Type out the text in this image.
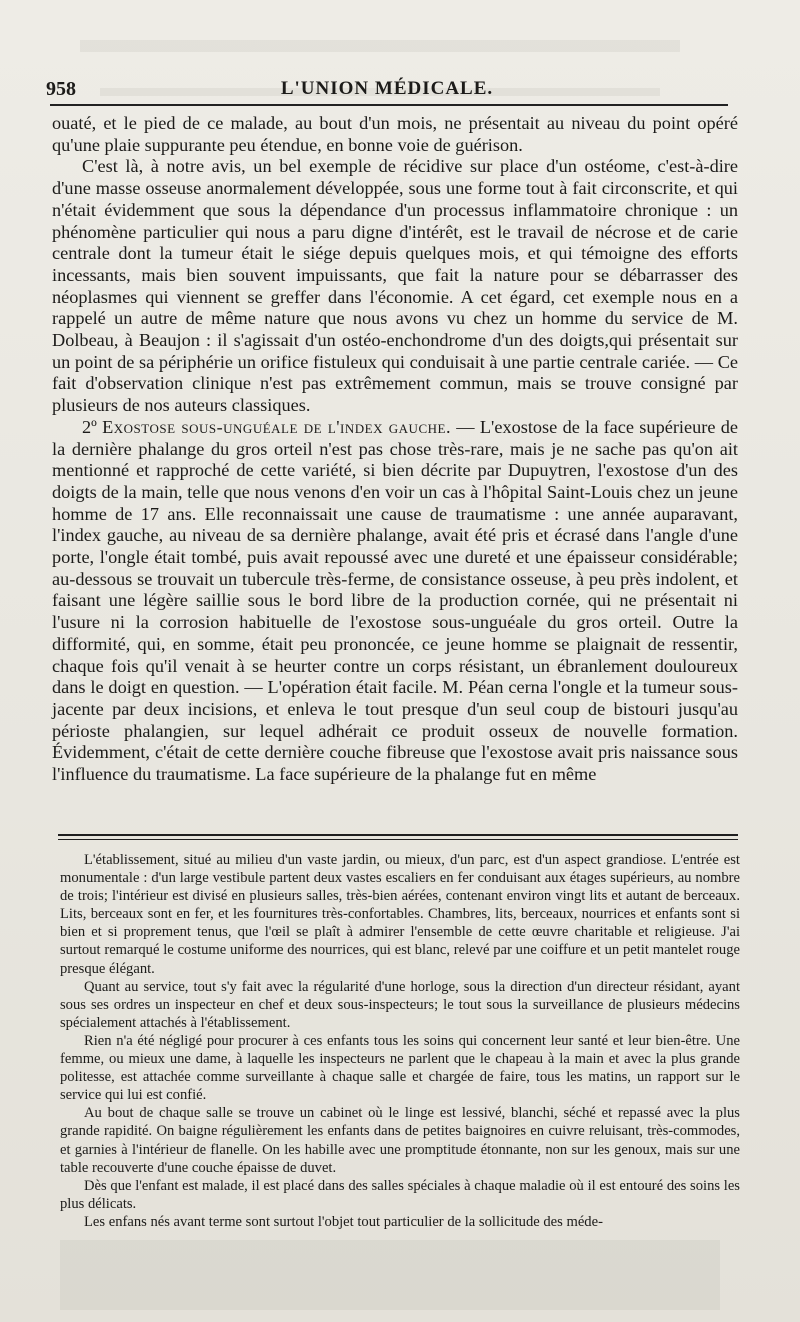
958	L'UNION MÉDICALE.

ouaté, et le pied de ce malade, au bout d'un mois, ne présentait au niveau du point opéré qu'une plaie suppurante peu étendue, en bonne voie de guérison.

C'est là, à notre avis, un bel exemple de récidive sur place d'un ostéome, c'est-à-dire d'une masse osseuse anormalement développée, sous une forme tout à fait circonscrite, et qui n'était évidemment que sous la dépendance d'un processus inflammatoire chronique : un phénomène particulier qui nous a paru digne d'intérêt, est le travail de nécrose et de carie centrale dont la tumeur était le siége depuis quelques mois, et qui témoigne des efforts incessants, mais bien souvent impuissants, que fait la nature pour se débarrasser des néoplasmes qui viennent se greffer dans l'économie. A cet égard, cet exemple nous en a rappelé un autre de même nature que nous avons vu chez un homme du service de M. Dolbeau, à Beaujon : il s'agissait d'un ostéo-enchondrome d'un des doigts,qui présentait sur un point de sa périphérie un orifice fistuleux qui conduisait à une partie centrale cariée. — Ce fait d'observation clinique n'est pas extrêmement commun, mais se trouve consigné par plusieurs de nos auteurs classiques.

2º Exostose sous-unguéale de l'index gauche. — L'exostose de la face supérieure de la dernière phalange du gros orteil n'est pas chose très-rare, mais je ne sache pas qu'on ait mentionné et rapproché de cette variété, si bien décrite par Dupuytren, l'exostose d'un des doigts de la main, telle que nous venons d'en voir un cas à l'hôpital Saint-Louis chez un jeune homme de 17 ans. Elle reconnaissait une cause de traumatisme : une année auparavant, l'index gauche, au niveau de sa dernière phalange, avait été pris et écrasé dans l'angle d'une porte, l'ongle était tombé, puis avait repoussé avec une dureté et une épaisseur considérable; au-dessous se trouvait un tubercule très-ferme, de consistance osseuse, à peu près indolent, et faisant une légère saillie sous le bord libre de la production cornée, qui ne présentait ni l'usure ni la corrosion habituelle de l'exostose sous-unguéale du gros orteil. Outre la difformité, qui, en somme, était peu prononcée, ce jeune homme se plaignait de ressentir, chaque fois qu'il venait à se heurter contre un corps résistant, un ébranlement douloureux dans le doigt en question. — L'opération était facile. M. Péan cerna l'ongle et la tumeur sous-jacente par deux incisions, et enleva le tout presque d'un seul coup de bistouri jusqu'au périoste phalangien, sur lequel adhérait ce produit osseux de nouvelle formation. Évidemment, c'était de cette dernière couche fibreuse que l'exostose avait pris naissance sous l'influence du traumatisme. La face supérieure de la phalange fut en même

L'établissement, situé au milieu d'un vaste jardin, ou mieux, d'un parc, est d'un aspect grandiose. L'entrée est monumentale : d'un large vestibule partent deux vastes escaliers en fer conduisant aux étages supérieurs, au nombre de trois; l'intérieur est divisé en plusieurs salles, très-bien aérées, contenant environ vingt lits et autant de berceaux. Lits, berceaux sont en fer, et les fournitures très-confortables. Chambres, lits, berceaux, nourrices et enfants sont si bien et si proprement tenus, que l'œil se plaît à admirer l'ensemble de cette œuvre charitable et religieuse. J'ai surtout remarqué le costume uniforme des nourrices, qui est blanc, relevé par une coiffure et un petit mantelet rouge presque élégant.

Quant au service, tout s'y fait avec la régularité d'une horloge, sous la direction d'un directeur résidant, ayant sous ses ordres un inspecteur en chef et deux sous-inspecteurs; le tout sous la surveillance de plusieurs médecins spécialement attachés à l'établissement.

Rien n'a été négligé pour procurer à ces enfants tous les soins qui concernent leur santé et leur bien-être. Une femme, ou mieux une dame, à laquelle les inspecteurs ne parlent que le chapeau à la main et avec la plus grande politesse, est attachée comme surveillante à chaque salle et chargée de faire, tous les matins, un rapport sur le service qui lui est confié.

Au bout de chaque salle se trouve un cabinet où le linge est lessivé, blanchi, séché et repassé avec la plus grande rapidité. On baigne régulièrement les enfants dans de petites baignoires en cuivre reluisant, très-commodes, et garnies à l'intérieur de flanelle. On les habille avec une promptitude étonnante, non sur les genoux, mais sur une table recouverte d'une couche épaisse de duvet.

Dès que l'enfant est malade, il est placé dans des salles spéciales à chaque maladie où il est entouré des soins les plus délicats.

Les enfans nés avant terme sont surtout l'objet tout particulier de la sollicitude des méde-
